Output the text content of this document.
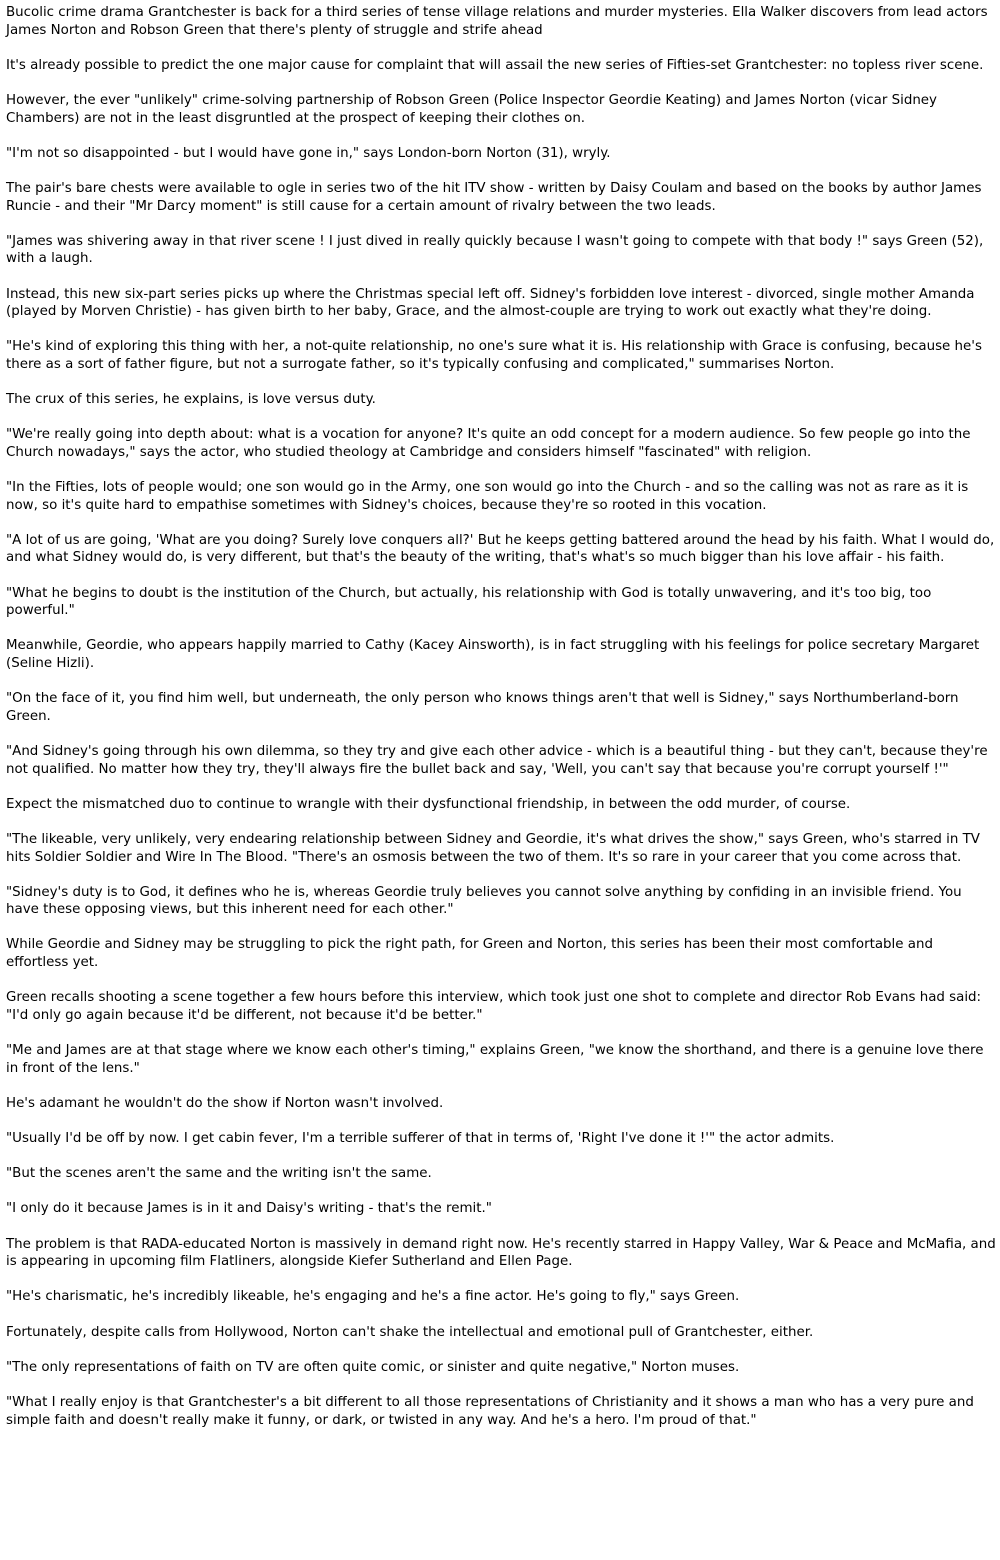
Bucolic crime drama Grantchester is back for a third series of tense village relations and murder mysteries. Ella Walker discovers from lead actors James Norton and Robson Green that there's plenty of struggle and strife ahead

It's already possible to predict the one major cause for complaint that will assail the new series of Fifties-set Grantchester: no topless river scene.

However, the ever "unlikely" crime-solving partnership of Robson Green (Police Inspector Geordie Keating) and James Norton (vicar Sidney Chambers) are not in the least disgruntled at the prospect of keeping their clothes on.

"I'm not so disappointed - but I would have gone in," says London-born Norton (31), wryly.

The pair's bare chests were available to ogle in series two of the hit ITV show - written by Daisy Coulam and based on the books by author James Runcie - and their "Mr Darcy moment" is still cause for a certain amount of rivalry between the two leads.

"James was shivering away in that river scene ! I just dived in really quickly because I wasn't going to compete with that body !" says Green (52), with a laugh.

Instead, this new six-part series picks up where the Christmas special left off. Sidney's forbidden love interest - divorced, single mother Amanda (played by Morven Christie) - has given birth to her baby, Grace, and the almost-couple are trying to work out exactly what they're doing.

"He's kind of exploring this thing with her, a not-quite relationship, no one's sure what it is. His relationship with Grace is confusing, because he's there as a sort of father figure, but not a surrogate father, so it's typically confusing and complicated," summarises Norton.

The crux of this series, he explains, is love versus duty.

"We're really going into depth about: what is a vocation for anyone? It's quite an odd concept for a modern audience. So few people go into the Church nowadays," says the actor, who studied theology at Cambridge and considers himself "fascinated" with religion.

"In the Fifties, lots of people would; one son would go in the Army, one son would go into the Church - and so the calling was not as rare as it is now, so it's quite hard to empathise sometimes with Sidney's choices, because they're so rooted in this vocation.

"A lot of us are going, 'What are you doing? Surely love conquers all?' But he keeps getting battered around the head by his faith. What I would do, and what Sidney would do, is very different, but that's the beauty of the writing, that's what's so much bigger than his love affair - his faith.

"What he begins to doubt is the institution of the Church, but actually, his relationship with God is totally unwavering, and it's too big, too powerful."

Meanwhile, Geordie, who appears happily married to Cathy (Kacey Ainsworth), is in fact struggling with his feelings for police secretary Margaret (Seline Hizli).

"On the face of it, you find him well, but underneath, the only person who knows things aren't that well is Sidney," says Northumberland-born Green.

"And Sidney's going through his own dilemma, so they try and give each other advice - which is a beautiful thing - but they can't, because they're not qualified. No matter how they try, they'll always fire the bullet back and say, 'Well, you can't say that because you're corrupt yourself !'"

Expect the mismatched duo to continue to wrangle with their dysfunctional friendship, in between the odd murder, of course.

"The likeable, very unlikely, very endearing relationship between Sidney and Geordie, it's what drives the show," says Green, who's starred in TV hits Soldier Soldier and Wire In The Blood. "There's an osmosis between the two of them. It's so rare in your career that you come across that.

"Sidney's duty is to God, it defines who he is, whereas Geordie truly believes you cannot solve anything by confiding in an invisible friend. You have these opposing views, but this inherent need for each other."

While Geordie and Sidney may be struggling to pick the right path, for Green and Norton, this series has been their most comfortable and effortless yet.

Green recalls shooting a scene together a few hours before this interview, which took just one shot to complete and director Rob Evans had said: "I'd only go again because it'd be different, not because it'd be better."

"Me and James are at that stage where we know each other's timing," explains Green, "we know the shorthand, and there is a genuine love there in front of the lens."

He's adamant he wouldn't do the show if Norton wasn't involved.

"Usually I'd be off by now. I get cabin fever, I'm a terrible sufferer of that in terms of, 'Right I've done it !'" the actor admits.

"But the scenes aren't the same and the writing isn't the same.

"I only do it because James is in it and Daisy's writing - that's the remit."

The problem is that RADA-educated Norton is massively in demand right now. He's recently starred in Happy Valley, War & Peace and McMafia, and is appearing in upcoming film Flatliners, alongside Kiefer Sutherland and Ellen Page.

"He's charismatic, he's incredibly likeable, he's engaging and he's a fine actor. He's going to fly," says Green.

Fortunately, despite calls from Hollywood, Norton can't shake the intellectual and emotional pull of Grantchester, either.

"The only representations of faith on TV are often quite comic, or sinister and quite negative," Norton muses.

"What I really enjoy is that Grantchester's a bit different to all those representations of Christianity and it shows a man who has a very pure and simple faith and doesn't really make it funny, or dark, or twisted in any way. And he's a hero. I'm proud of that."
